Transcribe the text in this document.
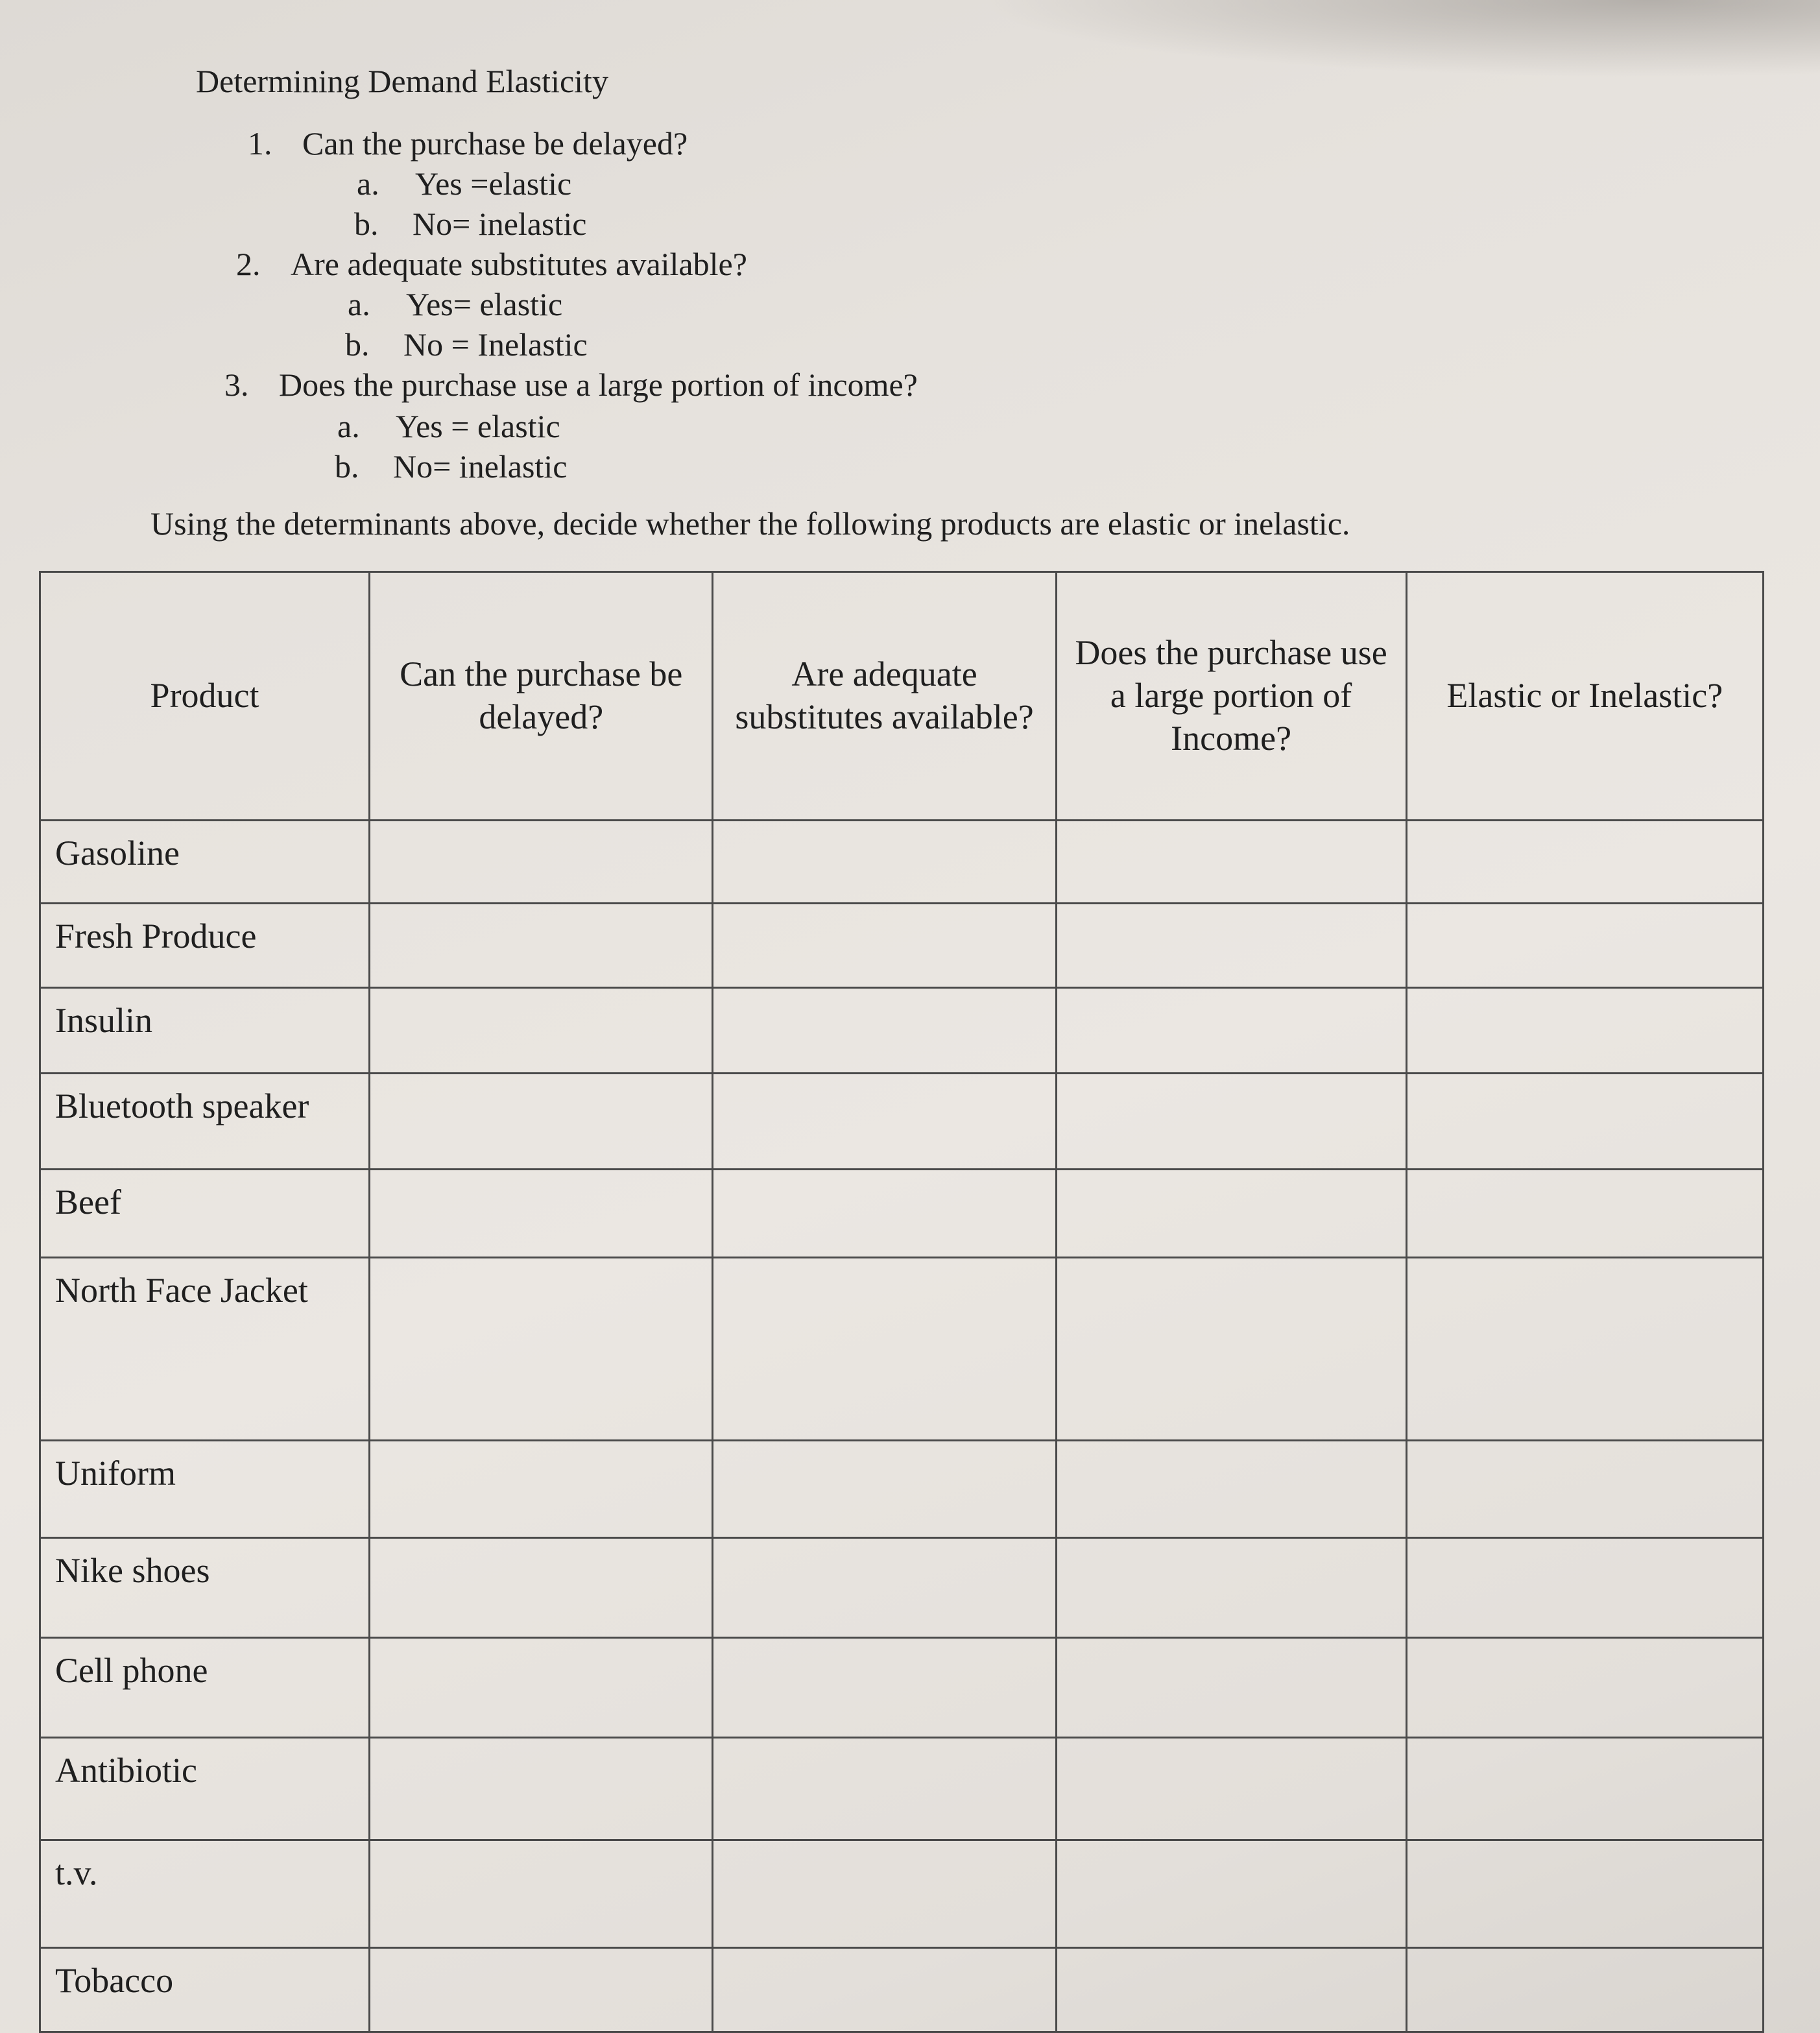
Determining Demand Elasticity
1. Can the purchase be delayed?
a. Yes =elastic
b. No= inelastic
2. Are adequate substitutes available?
a. Yes= elastic
b. No = Inelastic
3. Does the purchase use a large portion of income?
a. Yes = elastic
b. No= inelastic
Using the determinants above, decide whether the following products are elastic or inelastic.
Product	Can the purchase be delayed?	Are adequate substitutes available?	Does the purchase use a large portion of Income?	Elastic or Inelastic?
Gasoline				
Fresh Produce				
Insulin				
Bluetooth speaker				
Beef				
North Face Jacket				
Uniform				
Nike shoes				
Cell phone				
Antibiotic				
t.v.				
Tobacco				
